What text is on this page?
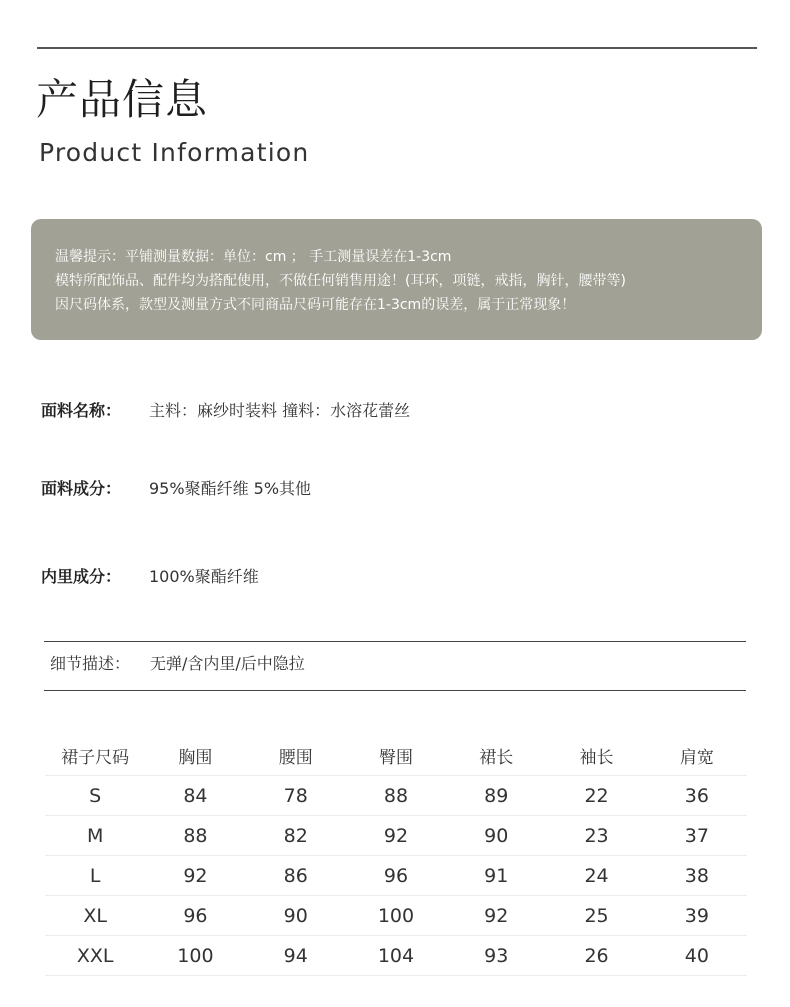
产品信息
Product Information
温馨提示：平铺测量数据：单位：cm ； 手工测量误差在1-3cm
模特所配饰品、配件均为搭配使用，不做任何销售用途！(耳环，项链，戒指，胸针，腰带等)
因尺码体系，款型及测量方式不同商品尺码可能存在1-3cm的误差，属于正常现象！
面料名称： 主料：麻纱时装料 撞料：水溶花蕾丝
面料成分： 95%聚酯纤维 5%其他
内里成分： 100%聚酯纤维
细节描述： 无弹/含内里/后中隐拉
裙子尺码	胸围	腰围	臀围	裙长	袖长	肩宽
S	84	78	88	89	22	36
M	88	82	92	90	23	37
L	92	86	96	91	24	38
XL	96	90	100	92	25	39
XXL	100	94	104	93	26	40
